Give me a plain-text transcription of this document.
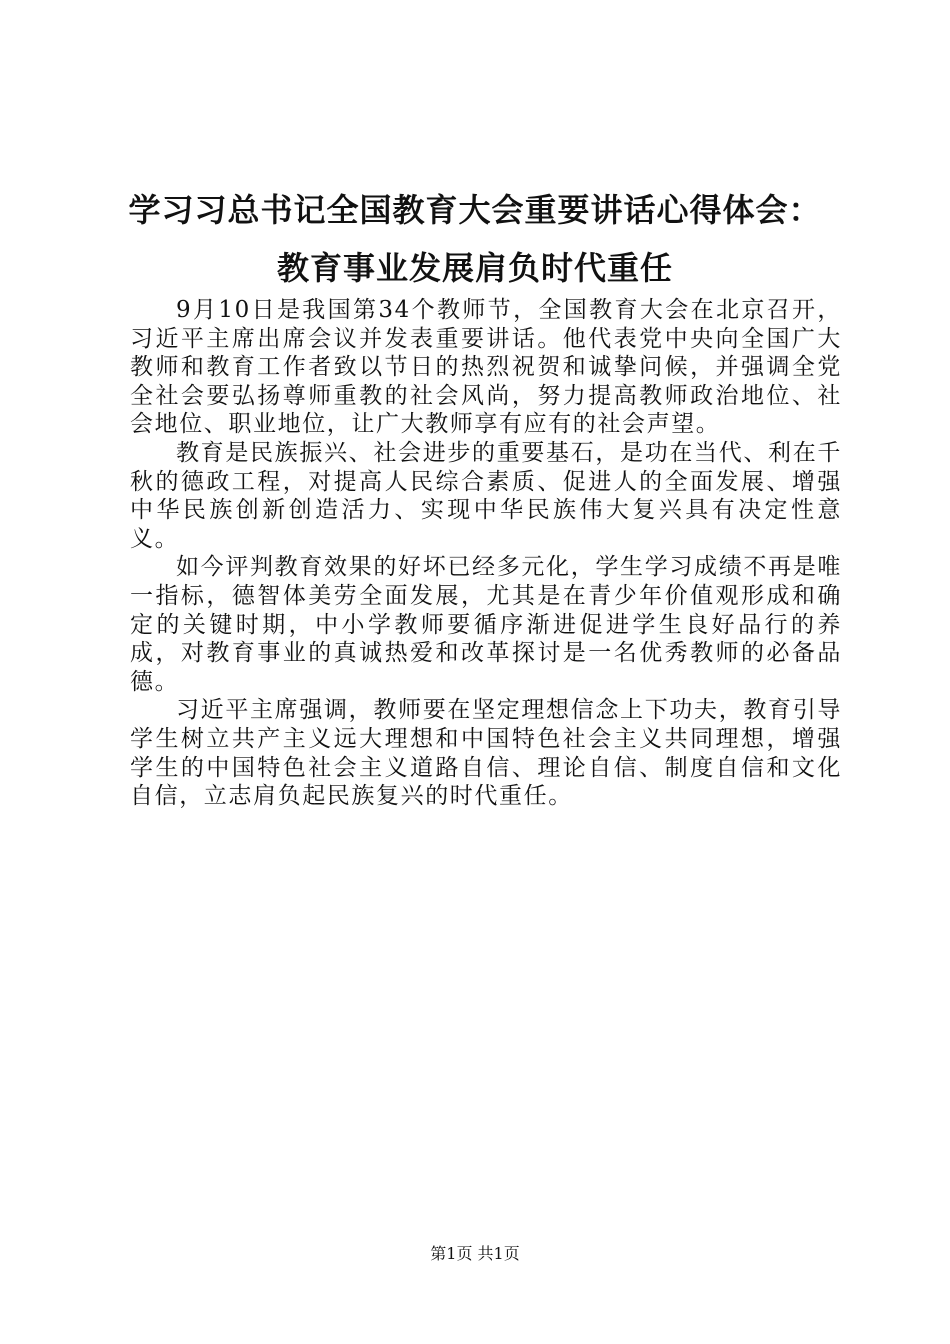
学习习总书记全国教育大会重要讲话心得体会：
教育事业发展肩负时代重任

9月10日是我国第34个教师节，全国教育大会在北京召开，习近平主席出席会议并发表重要讲话。他代表党中央向全国广大教师和教育工作者致以节日的热烈祝贺和诚挚问候，并强调全党全社会要弘扬尊师重教的社会风尚，努力提高教师政治地位、社会地位、职业地位，让广大教师享有应有的社会声望。

教育是民族振兴、社会进步的重要基石，是功在当代、利在千秋的德政工程，对提高人民综合素质、促进人的全面发展、增强中华民族创新创造活力、实现中华民族伟大复兴具有决定性意义。

如今评判教育效果的好坏已经多元化，学生学习成绩不再是唯一指标，德智体美劳全面发展，尤其是在青少年价值观形成和确定的关键时期，中小学教师要循序渐进促进学生良好品行的养成，对教育事业的真诚热爱和改革探讨是一名优秀教师的必备品德。

习近平主席强调，教师要在坚定理想信念上下功夫，教育引导学生树立共产主义远大理想和中国特色社会主义共同理想，增强学生的中国特色社会主义道路自信、理论自信、制度自信和文化自信，立志肩负起民族复兴的时代重任。

第1页 共1页
